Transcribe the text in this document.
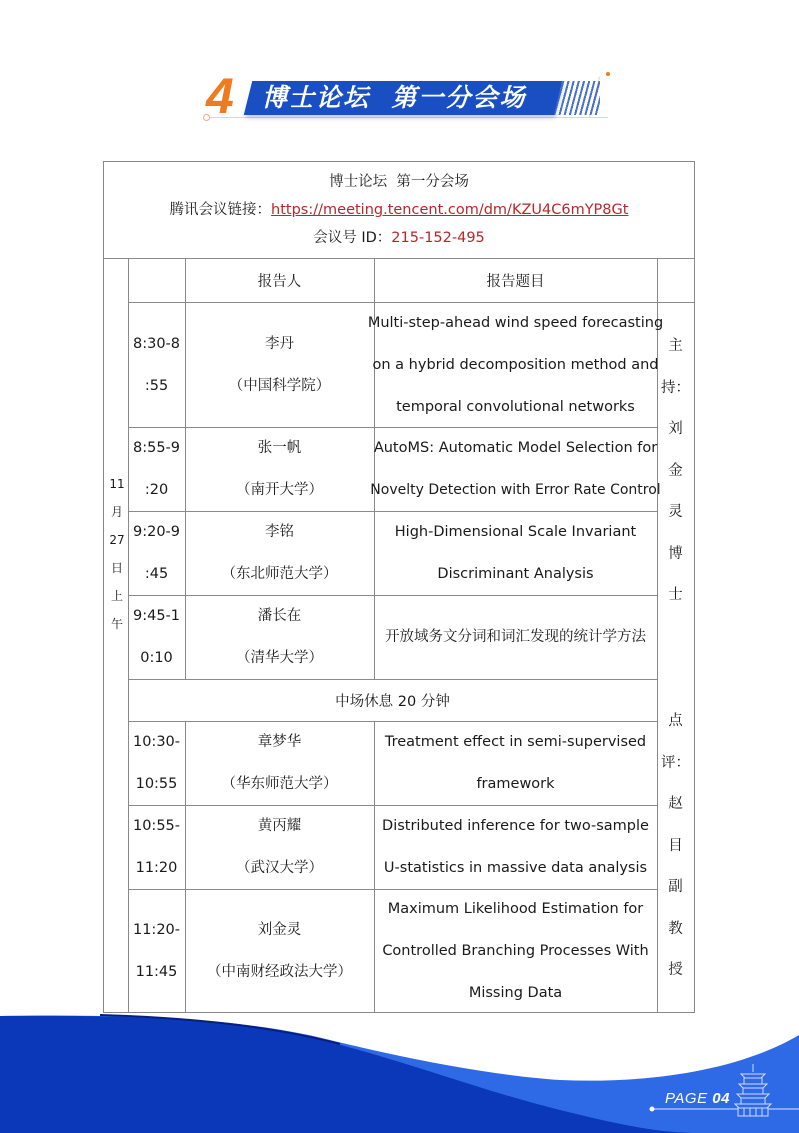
4 博士论坛  第一分会场
博士论坛  第一分会场
腾讯会议链接：https://meeting.tencent.com/dm/KZU4C6mYP8Gt
会议号 ID：215-152-495
报告人	报告题目
11
月
27
日
上
午
主
持：
刘
金
灵
博
士
点
评：
赵
目
副
教
授
8:30-8
:55
李丹
（中国科学院）
Multi-step-ahead wind speed forecasting
on a hybrid decomposition method and
temporal convolutional networks
8:55-9
:20
张一帆
（南开大学）
AutoMS: Automatic Model Selection for
Novelty Detection with Error Rate Control
9:20-9
:45
李铭
（东北师范大学）
High-Dimensional Scale Invariant
Discriminant Analysis
9:45-1
0:10
潘长在
（清华大学）
开放域务文分词和词汇发现的统计学方法
中场休息 20 分钟
10:30-
10:55
章梦华
（华东师范大学）
Treatment effect in semi-supervised
framework
10:55-
11:20
黄丙耀
（武汉大学）
Distributed inference for two-sample
U-statistics in massive data analysis
11:20-
11:45
刘金灵
（中南财经政法大学）
Maximum Likelihood Estimation for
Controlled Branching Processes With
Missing Data
PAGE 04
